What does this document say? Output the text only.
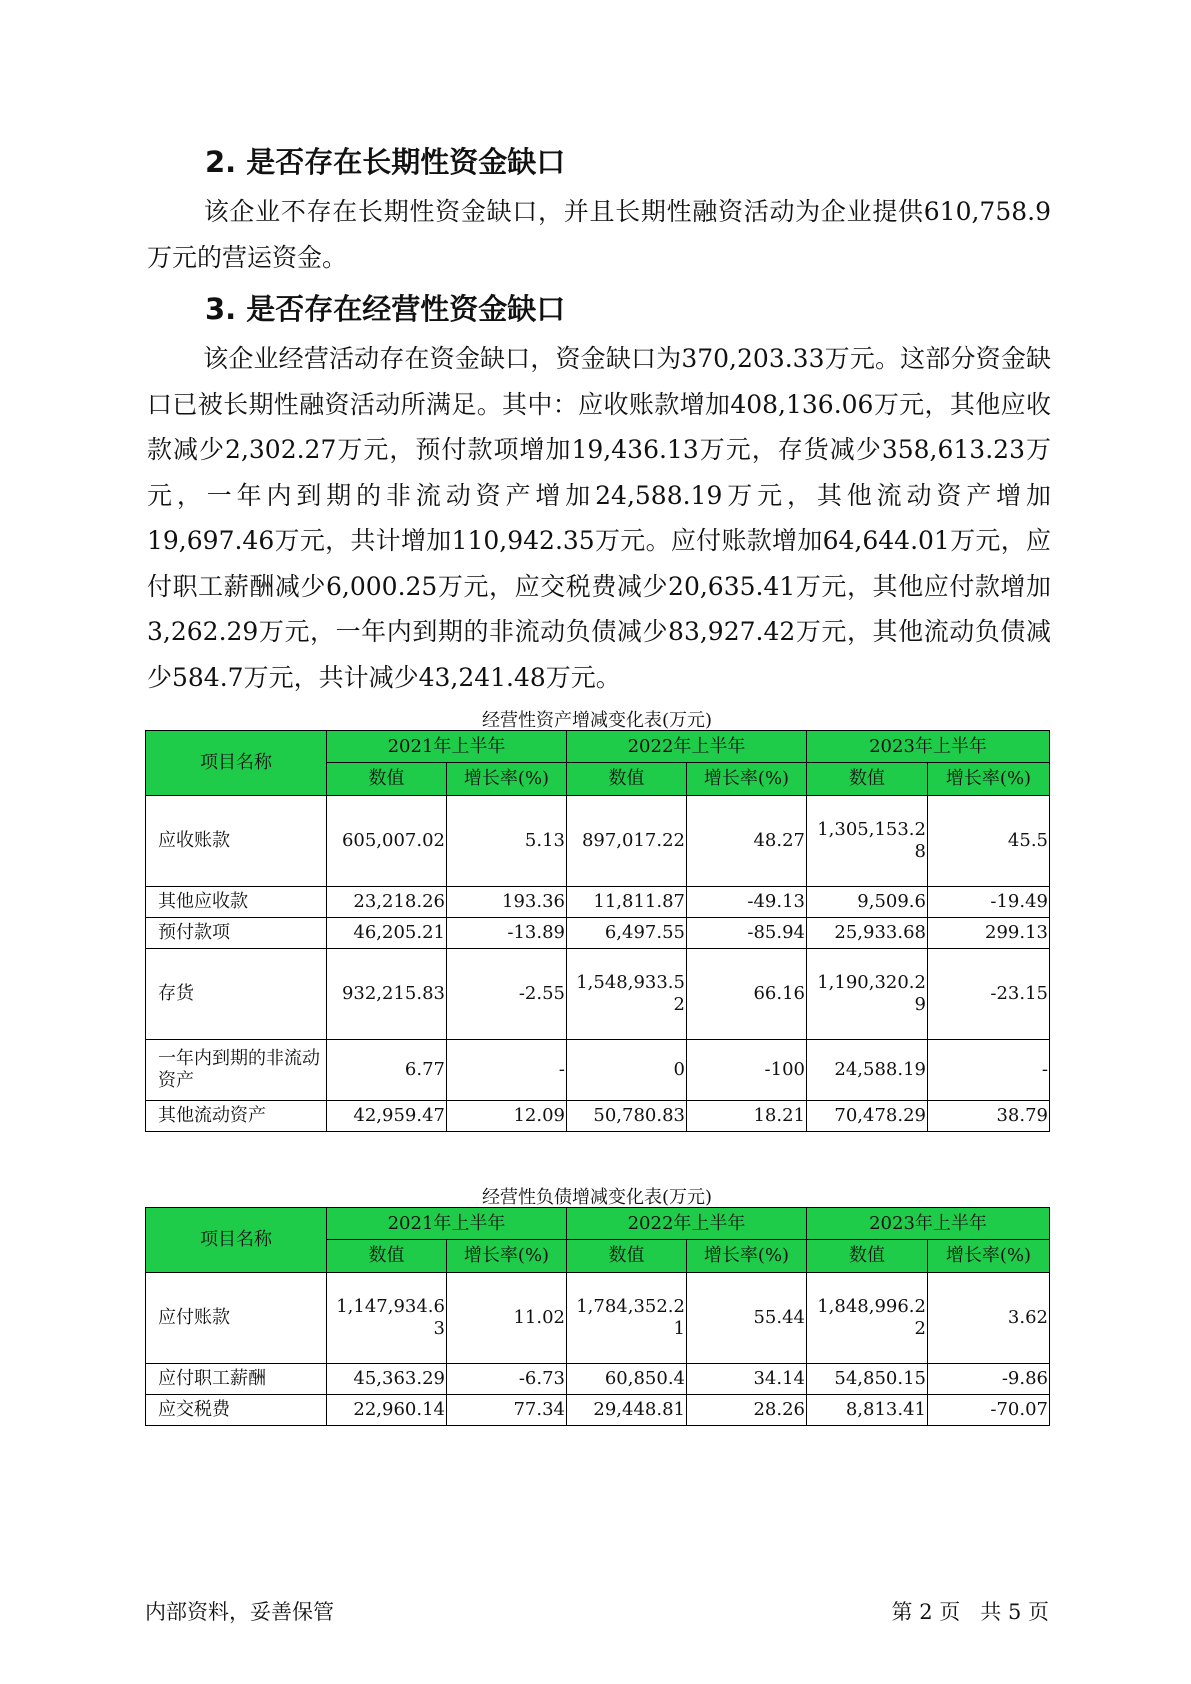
2. 是否存在长期性资金缺口

该企业不存在长期性资金缺口，并且长期性融资活动为企业提供610,758.9万元的营运资金。

3. 是否存在经营性资金缺口

该企业经营活动存在资金缺口，资金缺口为370,203.33万元。这部分资金缺口已被长期性融资活动所满足。其中：应收账款增加408,136.06万元，其他应收款减少2,302.27万元，预付款项增加19,436.13万元，存货减少358,613.23万元，一年内到期的非流动资产增加24,588.19万元，其他流动资产增加19,697.46万元，共计增加110,942.35万元。应付账款增加64,644.01万元，应付职工薪酬减少6,000.25万元，应交税费减少20,635.41万元，其他应付款增加3,262.29万元，一年内到期的非流动负债减少83,927.42万元，其他流动负债减少584.7万元，共计减少43,241.48万元。

经营性资产增减变化表(万元)
项目名称	2021年上半年		2022年上半年		2023年上半年	
	数值	增长率(%)	数值	增长率(%)	数值	增长率(%)
应收账款	605,007.02	5.13	897,017.22	48.27	1,305,153.28	45.5
其他应收款	23,218.26	193.36	11,811.87	-49.13	9,509.6	-19.49
预付款项	46,205.21	-13.89	6,497.55	-85.94	25,933.68	299.13
存货	932,215.83	-2.55	1,548,933.52	66.16	1,190,320.29	-23.15
一年内到期的非流动资产	6.77	-	0	-100	24,588.19	-
其他流动资产	42,959.47	12.09	50,780.83	18.21	70,478.29	38.79
经营性负债增减变化表(万元)
项目名称	2021年上半年		2022年上半年		2023年上半年	
	数值	增长率(%)	数值	增长率(%)	数值	增长率(%)
应付账款	1,147,934.63	11.02	1,784,352.21	55.44	1,848,996.22	3.62
应付职工薪酬	45,363.29	-6.73	60,850.4	34.14	54,850.15	-9.86
应交税费	22,960.14	77.34	29,448.81	28.26	8,813.41	-70.07
内部资料，妥善保管	第 2 页   共 5 页
